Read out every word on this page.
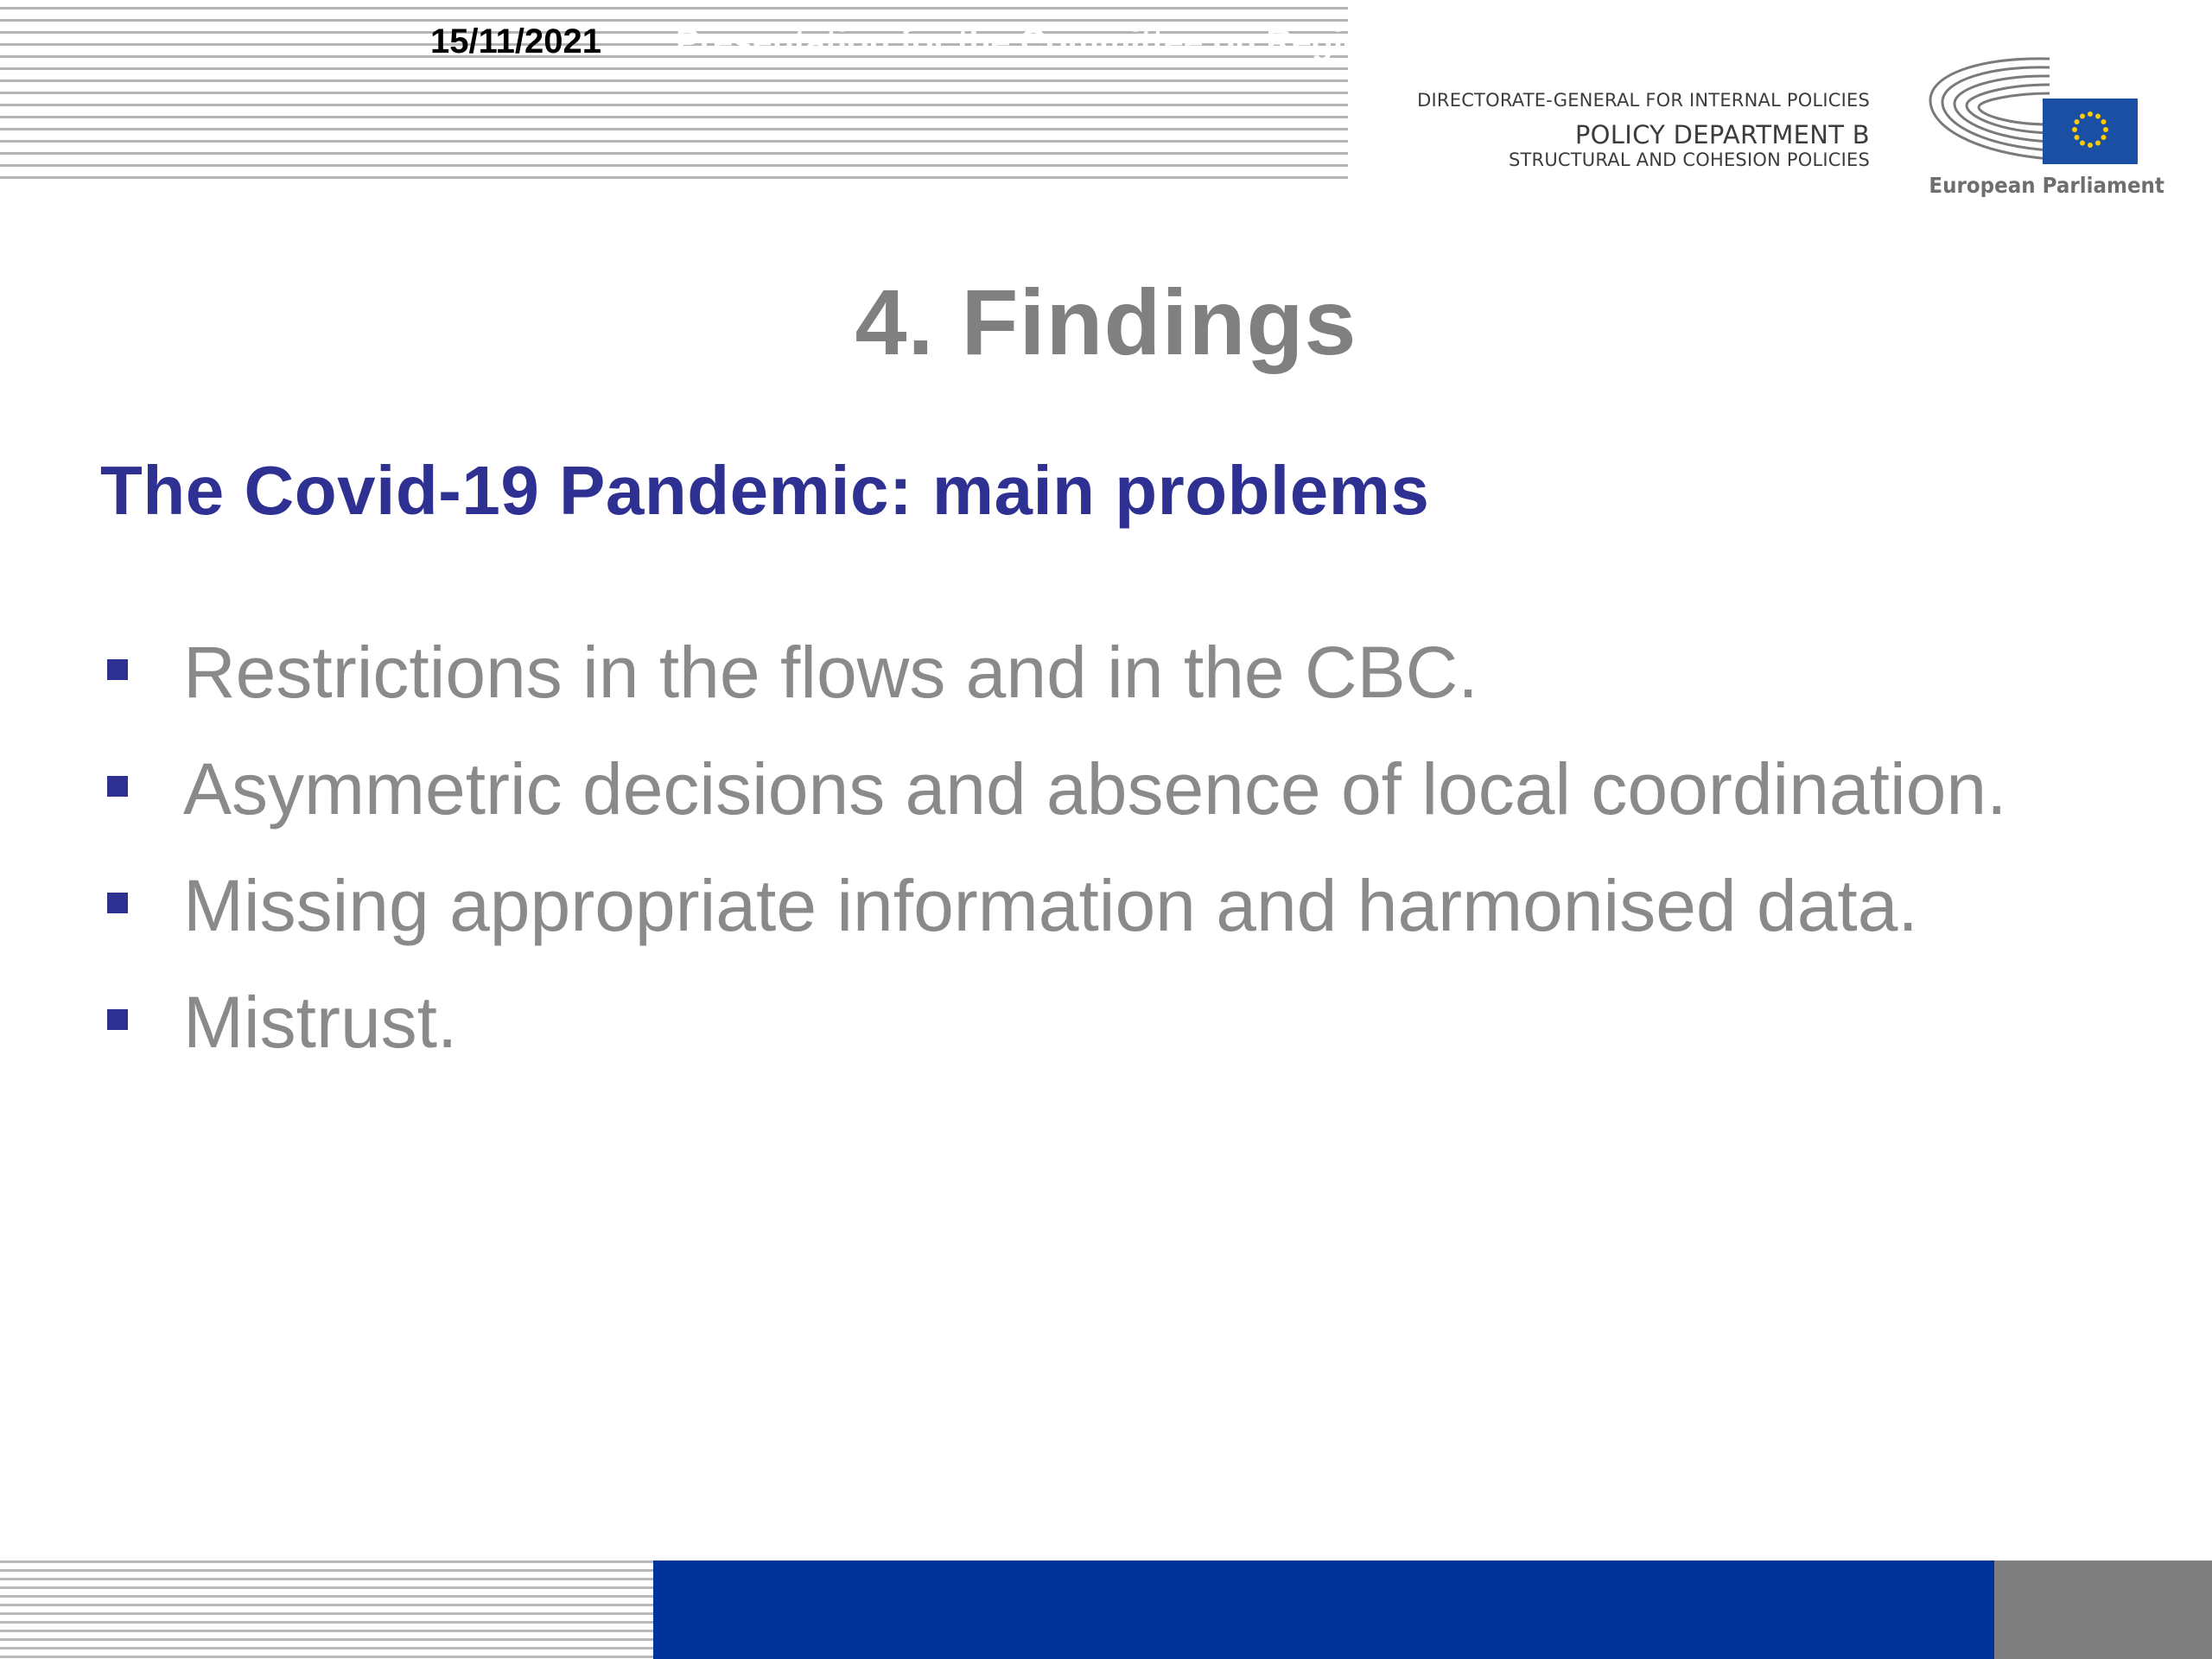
DIRECTORATE-GENERAL FOR INTERNAL POLICIES
POLICY DEPARTMENT B
STRUCTURAL AND COHESION POLICIES
European Parliament
4. Findings
The Covid-19 Pandemic: main problems
Restrictions in the flows and in the CBC.
Asymmetric decisions and absence of local coordination.
Missing appropriate information and harmonised data.
Mistrust.
15/11/2021 Presentation for the Committee on Regional Development	12
